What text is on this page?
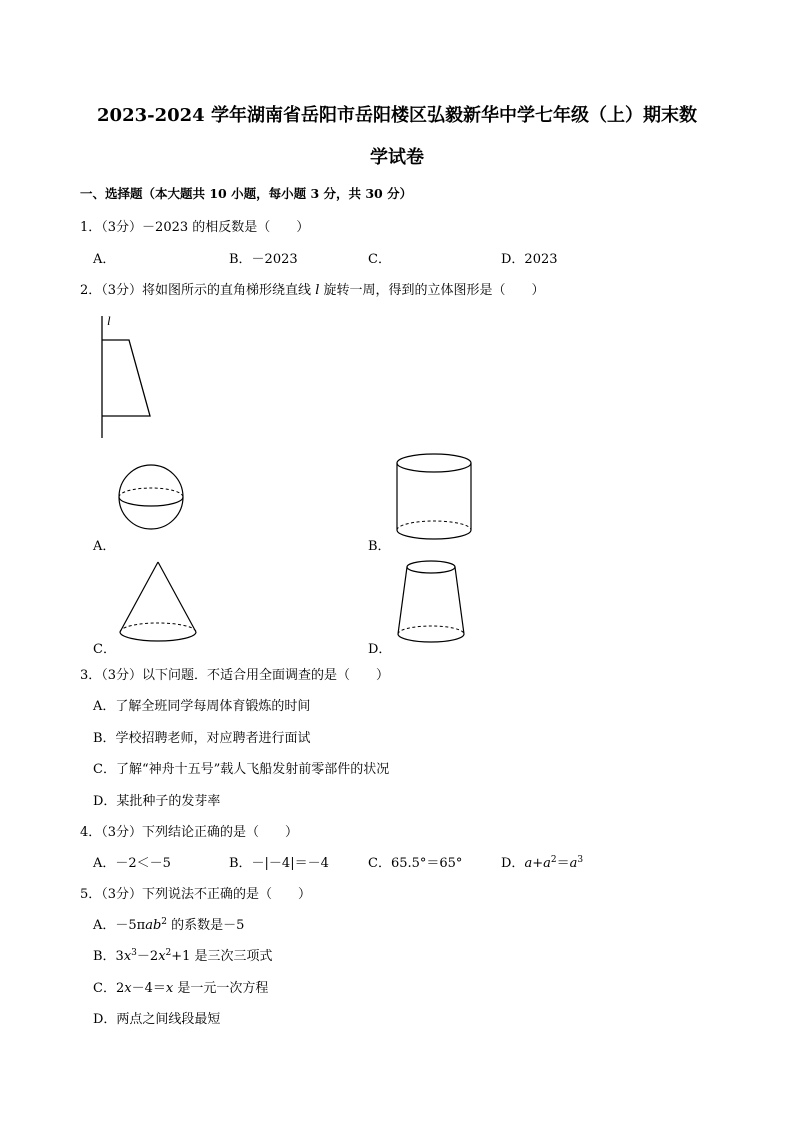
2023-2024 学年湖南省岳阳市岳阳楼区弘毅新华中学七年级（上）期末数
学试卷
一、选择题（本大题共 10 小题，每小题 3 分，共 30 分）
1．（3分）－2023 的相反数是（　　）
A．	B．－2023	C．	D．2023
2．（3分）将如图所示的直角梯形绕直线 l 旋转一周，得到的立体图形是（　　）
l
A．	B．
C．	D．
3．（3分）以下问题．不适合用全面调查的是（　　）
A．了解全班同学每周体育锻炼的时间
B．学校招聘老师，对应聘者进行面试
C．了解“神舟十五号”载人飞船发射前零部件的状况
D．某批种子的发芽率
4．（3分）下列结论正确的是（　　）
A．－2＜－5	B．－|－4|＝－4	C．65.5°＝65°	D．$a+a^2=a^3$
5．（3分）下列说法不正确的是（　　）
A．－5πab$^2$ 的系数是－5
B．$3x^3-2x^2+1$ 是三次三项式
C．2x－4＝x 是一元一次方程
D．两点之间线段最短
